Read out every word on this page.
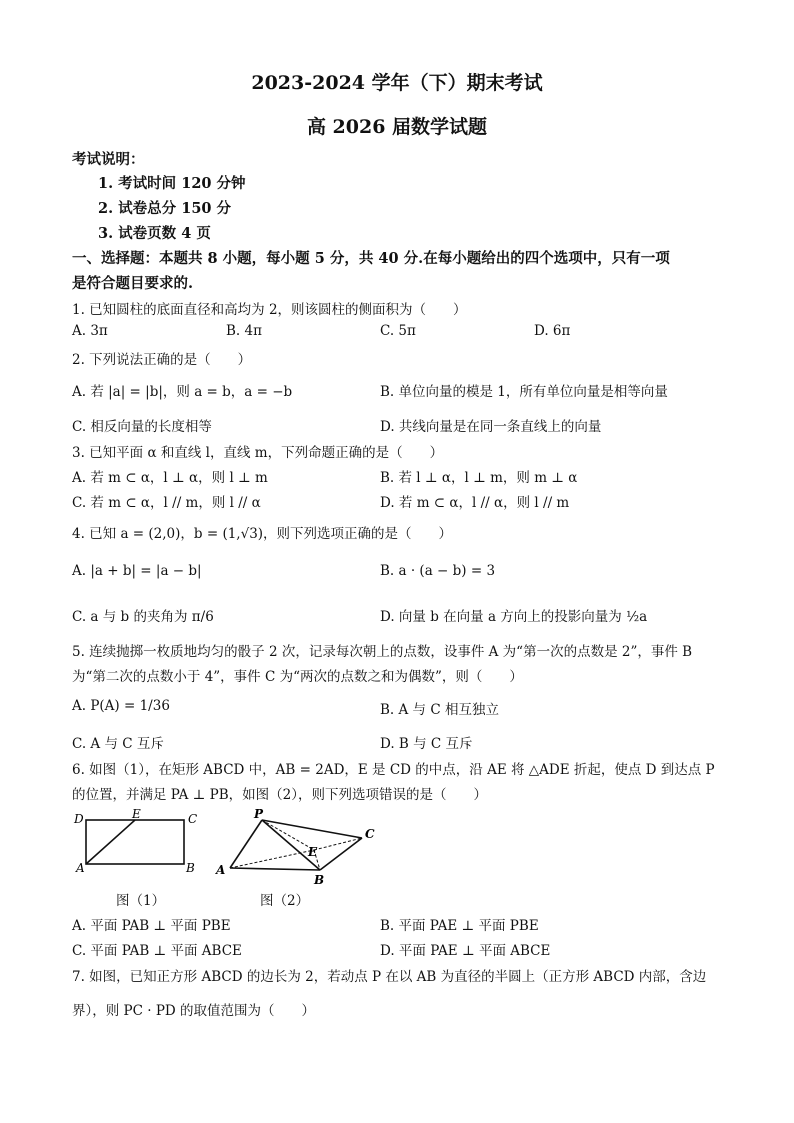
2023-2024 学年（下）期末考试
高 2026 届数学试题
考试说明：
1. 考试时间 120 分钟
2. 试卷总分 150 分
3. 试卷页数 4 页
一、选择题：本题共 8 小题，每小题 5 分，共 40 分.在每小题给出的四个选项中，只有一项
是符合题目要求的.
1. 已知圆柱的底面直径和高均为 2，则该圆柱的侧面积为（　　）
A. 3π	B. 4π	C. 5π	D. 6π
2. 下列说法正确的是（　　）
A. 若 |a| = |b|，则 a = b，a = −b	B. 单位向量的模是 1，所有单位向量是相等向量
C. 相反向量的长度相等	D. 共线向量是在同一条直线上的向量
3. 已知平面 α 和直线 l，直线 m，下列命题正确的是（　　）
A. 若 m ⊂ α，l ⊥ α，则 l ⊥ m	B. 若 l ⊥ α，l ⊥ m，则 m ⊥ α
C. 若 m ⊂ α，l // m，则 l // α	D. 若 m ⊂ α，l // α，则 l // m
4. 已知 a = (2,0)，b = (1,√3)，则下列选项正确的是（　　）
A. |a + b| = |a − b|	B. a · (a − b) = 3
C. a 与 b 的夹角为 π/6	D. 向量 b 在向量 a 方向上的投影向量为 ½a
5. 连续抛掷一枚质地均匀的骰子 2 次，记录每次朝上的点数，设事件 A 为“第一次的点数是 2”，事件 B
为“第二次的点数小于 4”，事件 C 为“两次的点数之和为偶数”，则（　　）
A. P(A) = 1/36	B. A 与 C 相互独立
C. A 与 C 互斥	D. B 与 C 互斥
6. 如图（1），在矩形 ABCD 中，AB = 2AD，E 是 CD 的中点，沿 AE 将 △ADE 折起，使点 D 到达点 P
的位置，并满足 PA ⊥ PB，如图（2），则下列选项错误的是（　　）
D	E	C
A	B
P
C
E
A
B
图（1）	图（2）
A. 平面 PAB ⊥ 平面 PBE	B. 平面 PAE ⊥ 平面 PBE
C. 平面 PAB ⊥ 平面 ABCE	D. 平面 PAE ⊥ 平面 ABCE
7. 如图，已知正方形 ABCD 的边长为 2，若动点 P 在以 AB 为直径的半圆上（正方形 ABCD 内部，含边
界），则 PC · PD 的取值范围为（　　）
